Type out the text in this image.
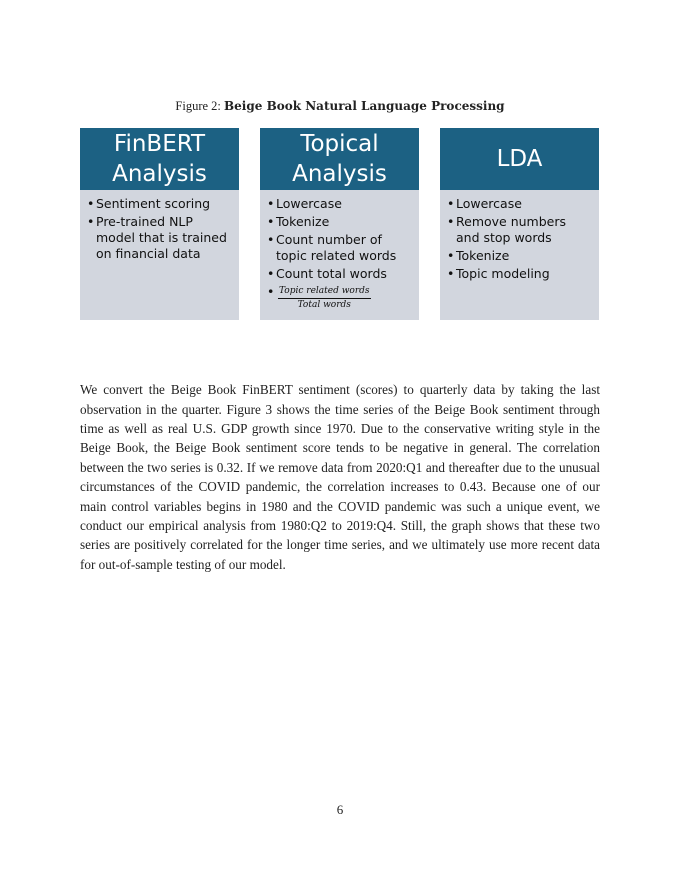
Figure 2: Beige Book Natural Language Processing
FinBERT
Analysis
• Sentiment scoring
• Pre-trained NLP model that is trained on financial data
Topical
Analysis
• Lowercase
• Tokenize
• Count number of topic related words
• Count total words
• $\frac{\text{Topic related words}}{\text{Total words}}$
LDA
• Lowercase
• Remove numbers and stop words
• Tokenize
• Topic modeling

We convert the Beige Book FinBERT sentiment (scores) to quarterly data by taking the last observation in the quarter. Figure 3 shows the time series of the Beige Book sentiment through time as well as real U.S. GDP growth since 1970. Due to the conservative writing style in the Beige Book, the Beige Book sentiment score tends to be negative in general. The correlation between the two series is 0.32. If we remove data from 2020:Q1 and thereafter due to the unusual circumstances of the COVID pandemic, the correlation increases to 0.43. Because one of our main control variables begins in 1980 and the COVID pandemic was such a unique event, we conduct our empirical analysis from 1980:Q2 to 2019:Q4. Still, the graph shows that these two series are positively correlated for the longer time series, and we ultimately use more recent data for out-of-sample testing of our model.

6
